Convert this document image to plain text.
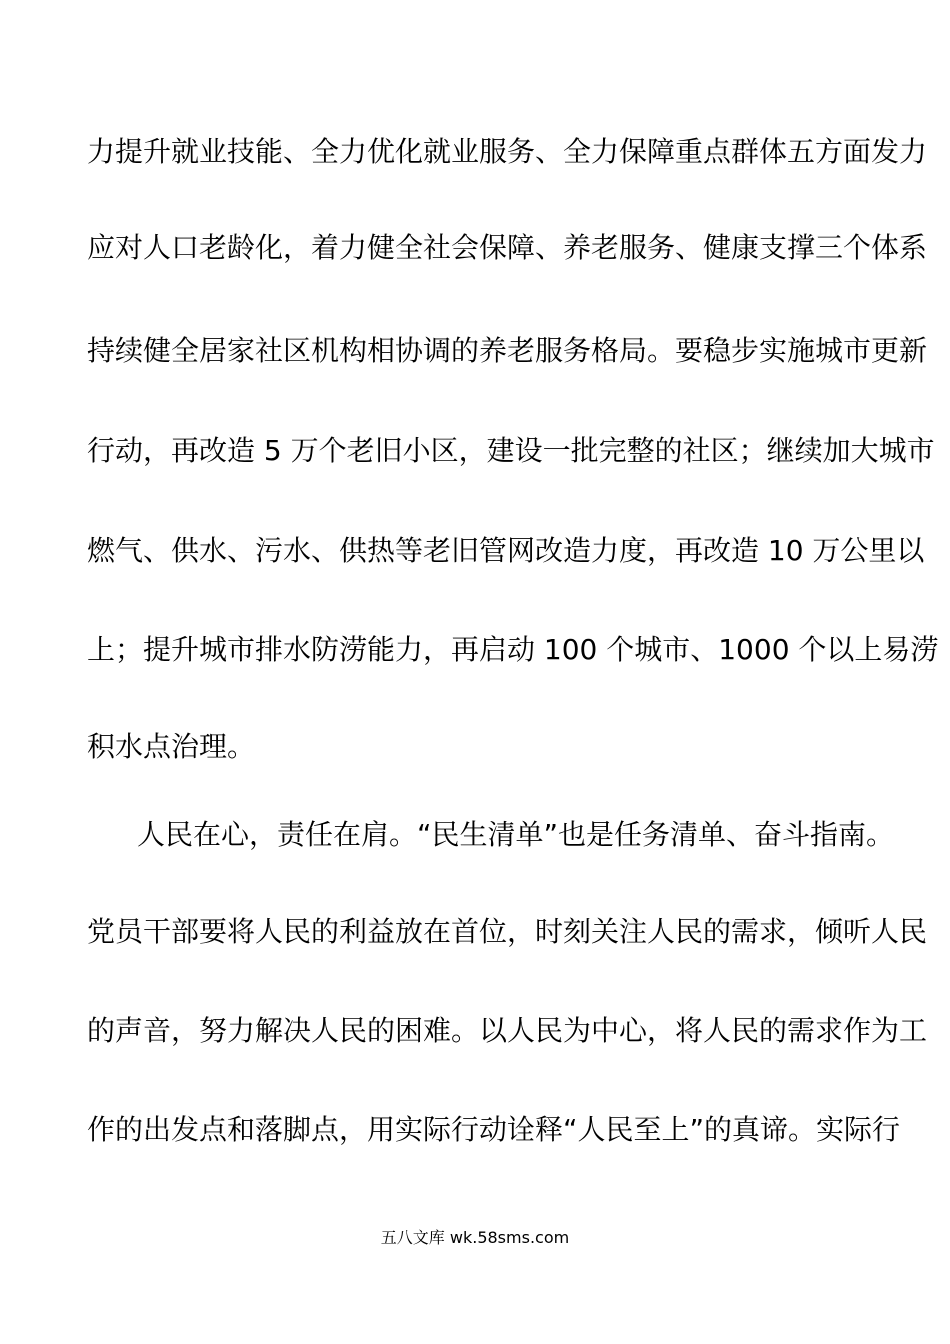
力提升就业技能、全力优化就业服务、全力保障重点群体五方面发力
应对人口老龄化，着力健全社会保障、养老服务、健康支撑三个体系
持续健全居家社区机构相协调的养老服务格局。要稳步实施城市更新
行动，再改造 5 万个老旧小区，建设一批完整的社区；继续加大城市
燃气、供水、污水、供热等老旧管网改造力度，再改造 10 万公里以
上；提升城市排水防涝能力，再启动 100 个城市、1000 个以上易涝
积水点治理。
人民在心，责任在肩。“民生清单”也是任务清单、奋斗指南。
党员干部要将人民的利益放在首位，时刻关注人民的需求，倾听人民
的声音，努力解决人民的困难。以人民为中心，将人民的需求作为工
作的出发点和落脚点，用实际行动诠释“人民至上”的真谛。实际行
五八文库 wk.58sms.com
